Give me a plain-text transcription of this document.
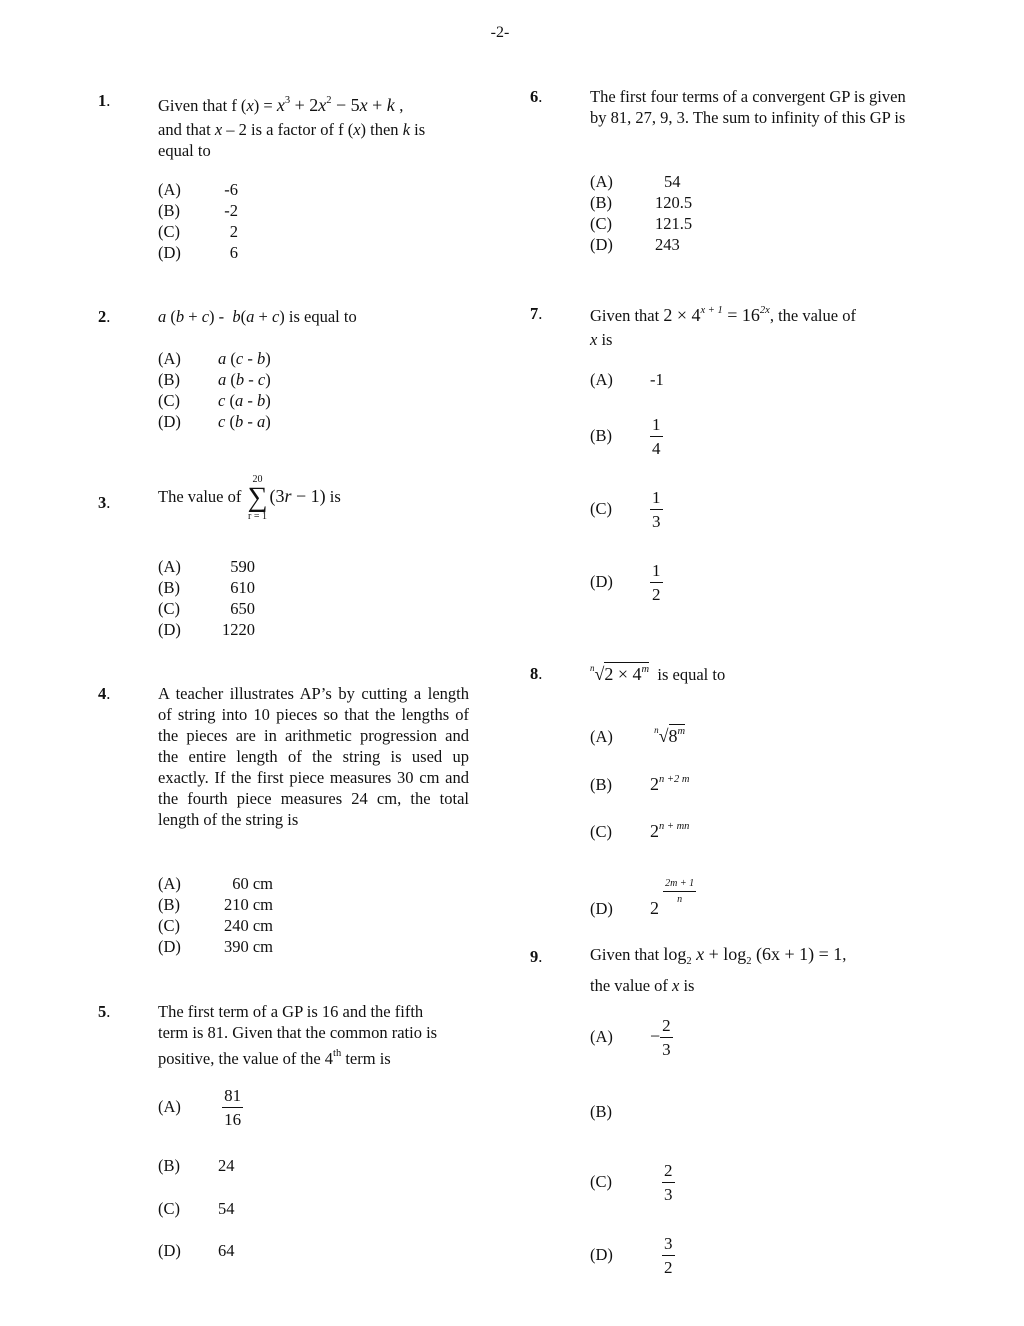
-2-
1 .	Given that f $(x) = x^3 + 2x^2 - 5x + k$ ,
and that x – 2 is a factor of f (x) then k is
equal to
(A)	-6
(B)	-2
(C)	2
(D)	6
2 .	a (b + c) - b(a + c) is equal to
(A) a (c - b)
(B) a (b - c)
(C) c (a - b)
(D) c (b - a)
3 .	The value of
20
∑
r = 1
(3r − 1) is
(A)	590
(B)	610
(C)	650
(D) 1220
4 .	A teacher illustrates AP’s by cutting a length of string into 10 pieces so that the lengths of the pieces are in arithmetic progression and the entire length of the string is used up exactly. If the first piece measures 30 cm and the fourth piece measures 24 cm, the total length of the string is
(A)	60 cm
(B)	210 cm
(C)	240 cm
(D)	390 cm
5 .	The first term of a GP is 16 and the fifth
term is 81. Given that the common ratio is
positive, the value of the 4th term is
$(A) \frac{81}{16}$
(B) 24
(C) 54
(D) 64
6 .	The first four terms of a convergent GP is given by 81, 27, 9, 3. The sum to infinity of this GP is
(A)	54
(B)	120.5
(C)	121.5
(D)	243
7 .	Given that $2 \times 4^{x + 1} = 16^{2x}$, the value of
x is
(A) -1
$(B) \frac{1}{4}$
$(C) \frac{1}{3}$
$(D) \frac{1}{2}$
8 .	$^n√2 \times 4^m$ is equal to
(A)	$^n$√8$^m$
(B) $2^{n +2 m}$
(C) $2^{n + mn}$
(D) 2
$\frac{2m + 1}{n}$
9 .	Given that $\log_2 x + \log_2 (6x + 1) = 1$,
the value of x is
$(A) - \frac{2}{3}$
(B)
(C)	$\frac{2}{3}$
(D)	$\frac{3}{2}$
